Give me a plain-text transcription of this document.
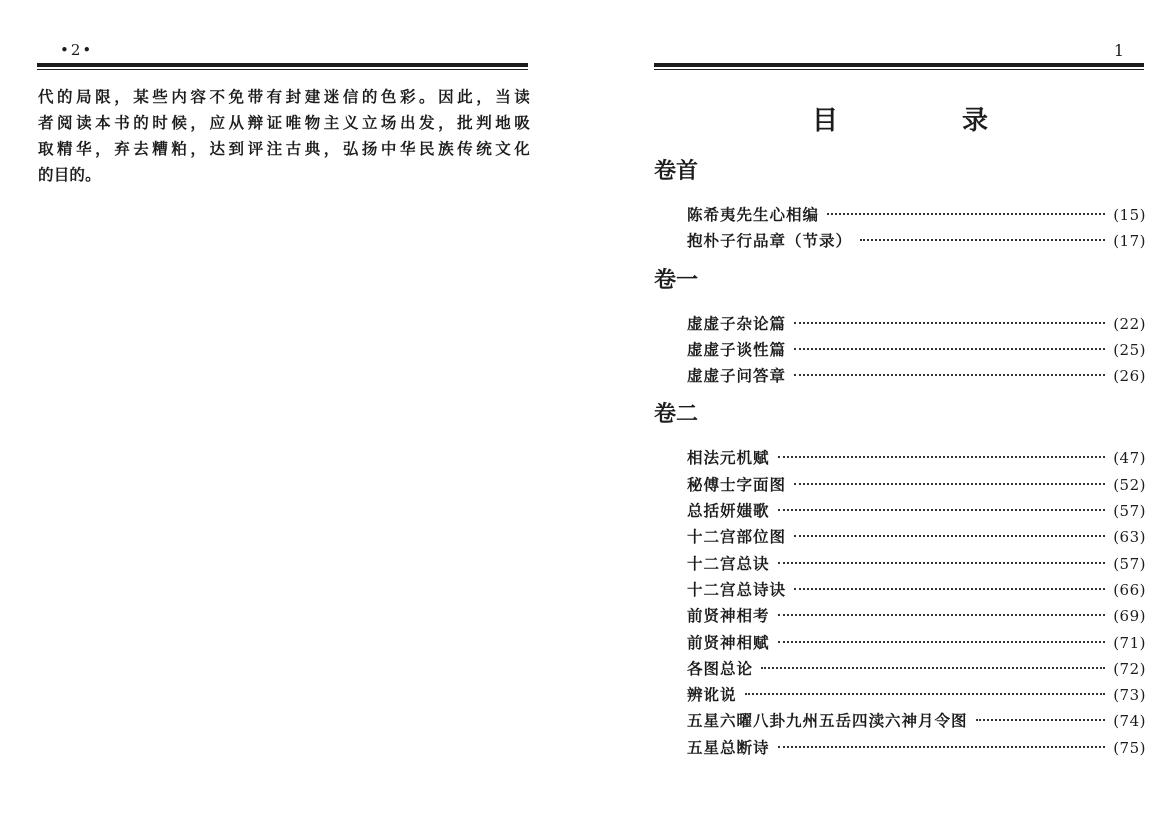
•2•
代的局限，某些内容不免带有封建迷信的色彩。因此，当读
者阅读本书的时候，应从辩证唯物主义立场出发，批判地吸
取精华，弃去糟粕，达到评注古典，弘扬中华民族传统文化
的目的。
1
目	录
卷首
陈希夷先生心相编	(15)
抱朴子行品章（节录）	(17)
卷一
虚虚子杂论篇	(22)
虚虚子谈性篇	(25)
虚虚子问答章	(26)
卷二
相法元机赋	(47)
秘傅士字面图	(52)
总括妍媸歌	(57)
十二宫部位图	(63)
十二宫总诀	(57)
十二宫总诗诀	(66)
前贤神相考	(69)
前贤神相赋	(71)
各图总论	(72)
辨讹说	(73)
五星六曜八卦九州五岳四渎六神月令图	(74)
五星总断诗	(75)
